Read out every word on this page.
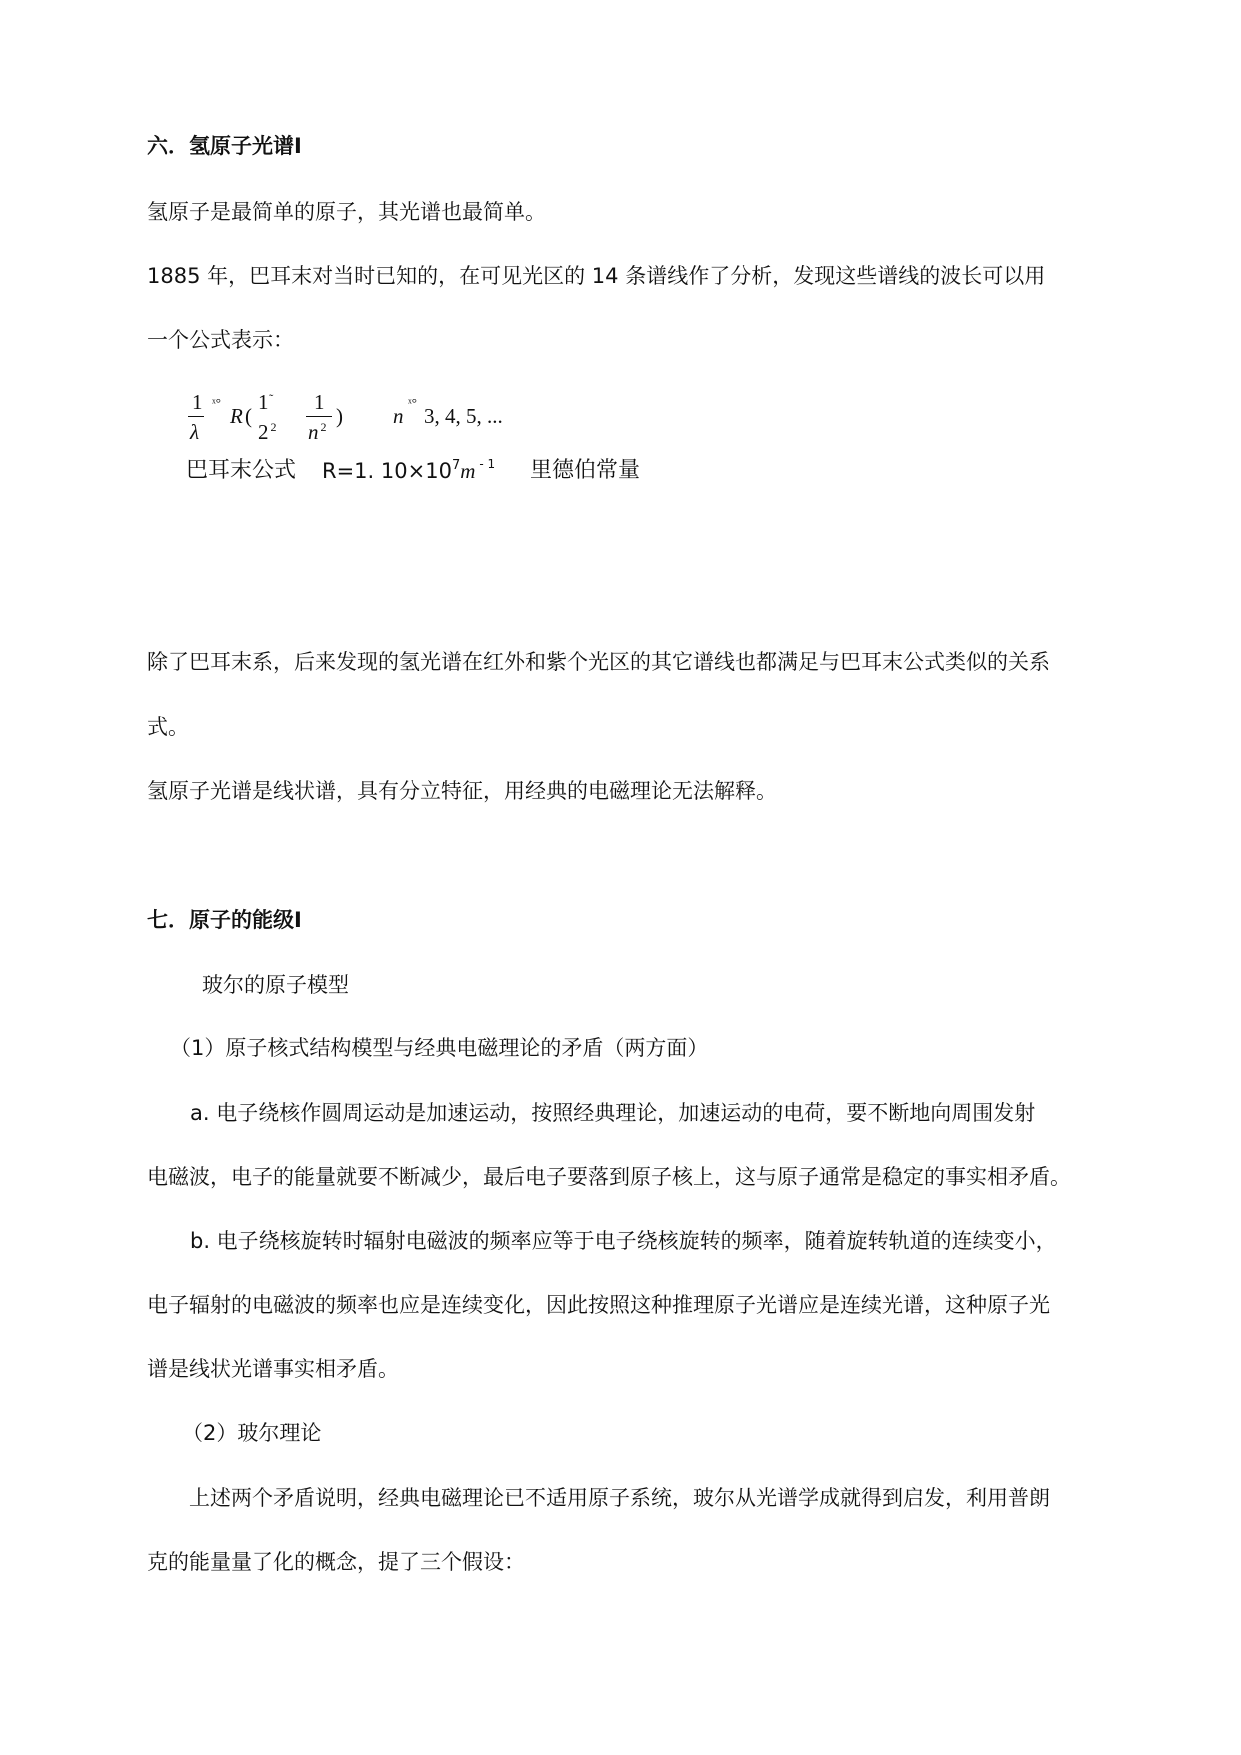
六．氢原子光谱Ⅰ
氢原子是最简单的原子，其光谱也最简单。
1885 年，巴耳末对当时已知的，在可见光区的 14 条谱线作了分析，发现这些谱线的波长可以用
一个公式表示：
1
λ
ˣ°
R (
1 ˜
2 $^2$
1
n $^2$ ) n
ˣ°
3, 4, 5, ...
巴耳末公式 R=1. $10\times 10^7m$ $^{- 1}$ 里德伯常量
除了巴耳末系，后来发现的氢光谱在红外和紫个光区的其它谱线也都满足与巴耳末公式类似的关系
式。
氢原子光谱是线状谱，具有分立特征，用经典的电磁理论无法解释。
七．原子的能级Ⅰ
玻尔的原子模型
（1）原子核式结构模型与经典电磁理论的矛盾（两方面）
a. 电子绕核作圆周运动是加速运动，按照经典理论，加速运动的电荷，要不断地向周围发射
电磁波，电子的能量就要不断减少，最后电子要落到原子核上，这与原子通常是稳定的事实相矛盾。
b. 电子绕核旋转时辐射电磁波的频率应等于电子绕核旋转的频率，随着旋转轨道的连续变小，
电子辐射的电磁波的频率也应是连续变化，因此按照这种推理原子光谱应是连续光谱，这种原子光
谱是线状光谱事实相矛盾。
（2）玻尔理论
上述两个矛盾说明，经典电磁理论已不适用原子系统，玻尔从光谱学成就得到启发，利用普朗
克的能量量了化的概念，提了三个假设：
